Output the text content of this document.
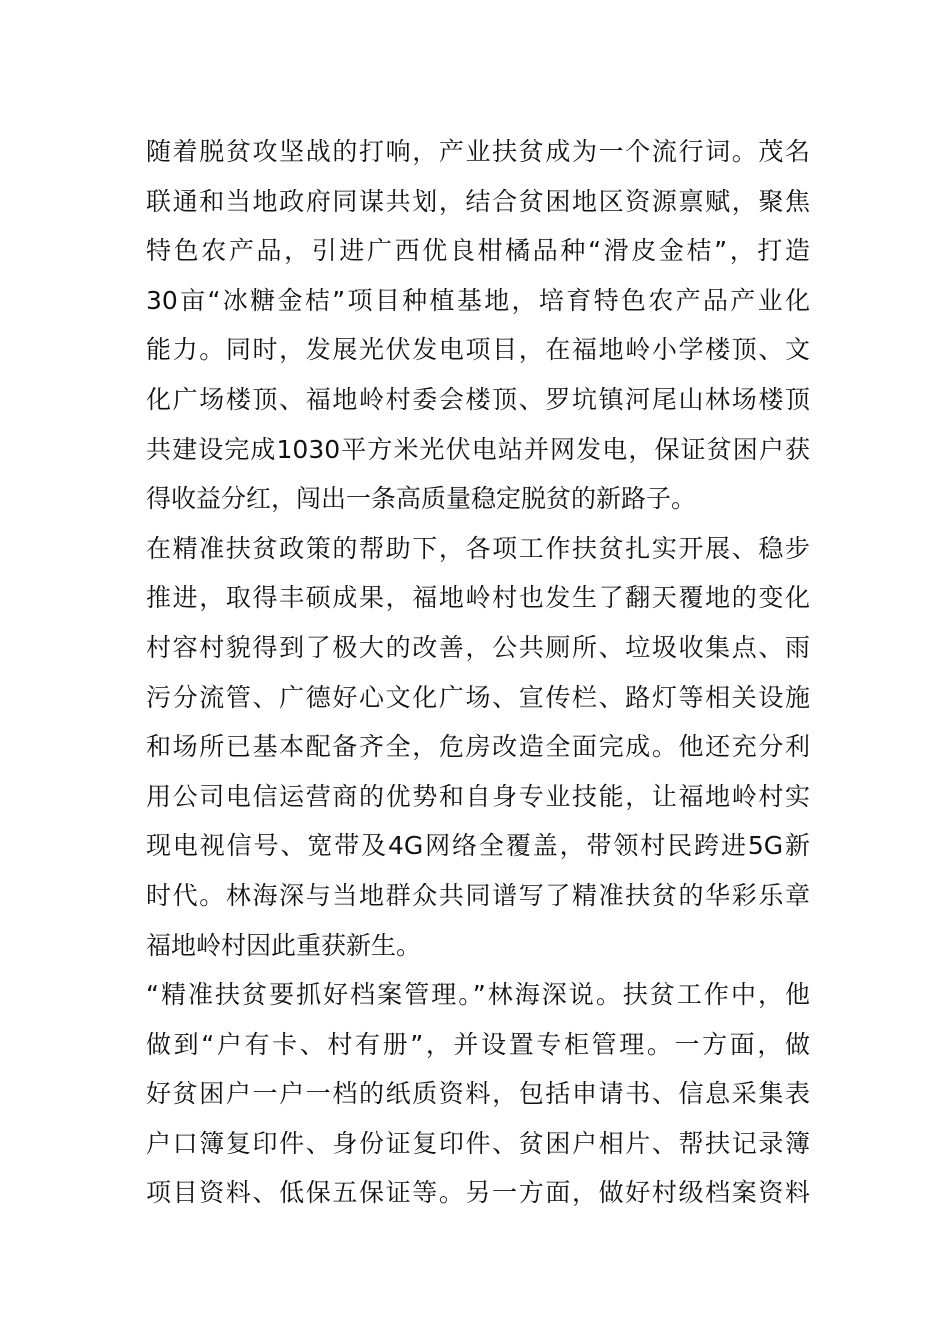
随着脱贫攻坚战的打响，产业扶贫成为一个流行词。茂名
联通和当地政府同谋共划，结合贫困地区资源禀赋，聚焦
特色农产品，引进广西优良柑橘品种“滑皮金桔”，打造
30亩“冰糖金桔”项目种植基地，培育特色农产品产业化
能力。同时，发展光伏发电项目，在福地岭小学楼顶、文
化广场楼顶、福地岭村委会楼顶、罗坑镇河尾山林场楼顶
共建设完成1030平方米光伏电站并网发电，保证贫困户获
得收益分红，闯出一条高质量稳定脱贫的新路子。
在精准扶贫政策的帮助下，各项工作扶贫扎实开展、稳步
推进，取得丰硕成果，福地岭村也发生了翻天覆地的变化
村容村貌得到了极大的改善，公共厕所、垃圾收集点、雨
污分流管、广德好心文化广场、宣传栏、路灯等相关设施
和场所已基本配备齐全，危房改造全面完成。他还充分利
用公司电信运营商的优势和自身专业技能，让福地岭村实
现电视信号、宽带及4G网络全覆盖，带领村民跨进5G新
时代。林海深与当地群众共同谱写了精准扶贫的华彩乐章
福地岭村因此重获新生。
“精准扶贫要抓好档案管理。”林海深说。扶贫工作中，他
做到“户有卡、村有册”，并设置专柜管理。一方面，做
好贫困户一户一档的纸质资料，包括申请书、信息采集表
户口簿复印件、身份证复印件、贫困户相片、帮扶记录簿
项目资料、低保五保证等。另一方面，做好村级档案资料
